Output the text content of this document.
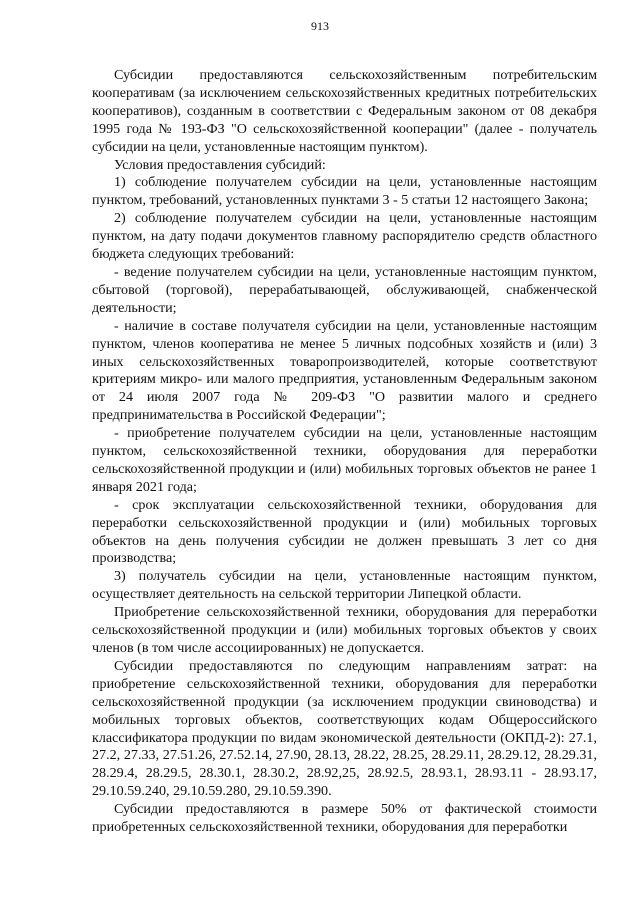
913

Субсидии предоставляются сельскохозяйственным потребительским кооперативам (за исключением сельскохозяйственных кредитных потребительских кооперативов), созданным в соответствии с Федеральным законом от 08 декабря 1995 года № 193-ФЗ "О сельскохозяйственной кооперации" (далее - получатель субсидии на цели, установленные настоящим пунктом).

Условия предоставления субсидий:

1) соблюдение получателем субсидии на цели, установленные настоящим пунктом, требований, установленных пунктами 3 - 5 статьи 12 настоящего Закона;

2) соблюдение получателем субсидии на цели, установленные настоящим пунктом, на дату подачи документов главному распорядителю средств областного бюджета следующих требований:

- ведение получателем субсидии на цели, установленные настоящим пунктом, сбытовой (торговой), перерабатывающей, обслуживающей, снабженческой деятельности;

- наличие в составе получателя субсидии на цели, установленные настоящим пунктом, членов кооператива не менее 5 личных подсобных хозяйств и (или) 3 иных сельскохозяйственных товаропроизводителей, которые соответствуют критериям микро- или малого предприятия, установленным Федеральным законом от 24 июля 2007 года № 209-ФЗ "О развитии малого и среднего предпринимательства в Российской Федерации";

- приобретение получателем субсидии на цели, установленные настоящим пунктом, сельскохозяйственной техники, оборудования для переработки сельскохозяйственной продукции и (или) мобильных торговых объектов не ранее 1 января 2021 года;

- срок эксплуатации сельскохозяйственной техники, оборудования для переработки сельскохозяйственной продукции и (или) мобильных торговых объектов на день получения субсидии не должен превышать 3 лет со дня производства;

3) получатель субсидии на цели, установленные настоящим пунктом, осуществляет деятельность на сельской территории Липецкой области.

Приобретение сельскохозяйственной техники, оборудования для переработки сельскохозяйственной продукции и (или) мобильных торговых объектов у своих членов (в том числе ассоциированных) не допускается.

Субсидии предоставляются по следующим направлениям затрат: на приобретение сельскохозяйственной техники, оборудования для переработки сельскохозяйственной продукции (за исключением продукции свиноводства) и мобильных торговых объектов, соответствующих кодам Общероссийского классификатора продукции по видам экономической деятельности (ОКПД-2): 27.1, 27.2, 27.33, 27.51.26, 27.52.14, 27.90, 28.13, 28.22, 28.25, 28.29.11, 28.29.12, 28.29.31, 28.29.4, 28.29.5, 28.30.1, 28.30.2, 28.92,25, 28.92.5, 28.93.1, 28.93.11 - 28.93.17, 29.10.59.240, 29.10.59.280, 29.10.59.390.

Субсидии предоставляются в размере 50% от фактической стоимости приобретенных сельскохозяйственной техники, оборудования для переработки
